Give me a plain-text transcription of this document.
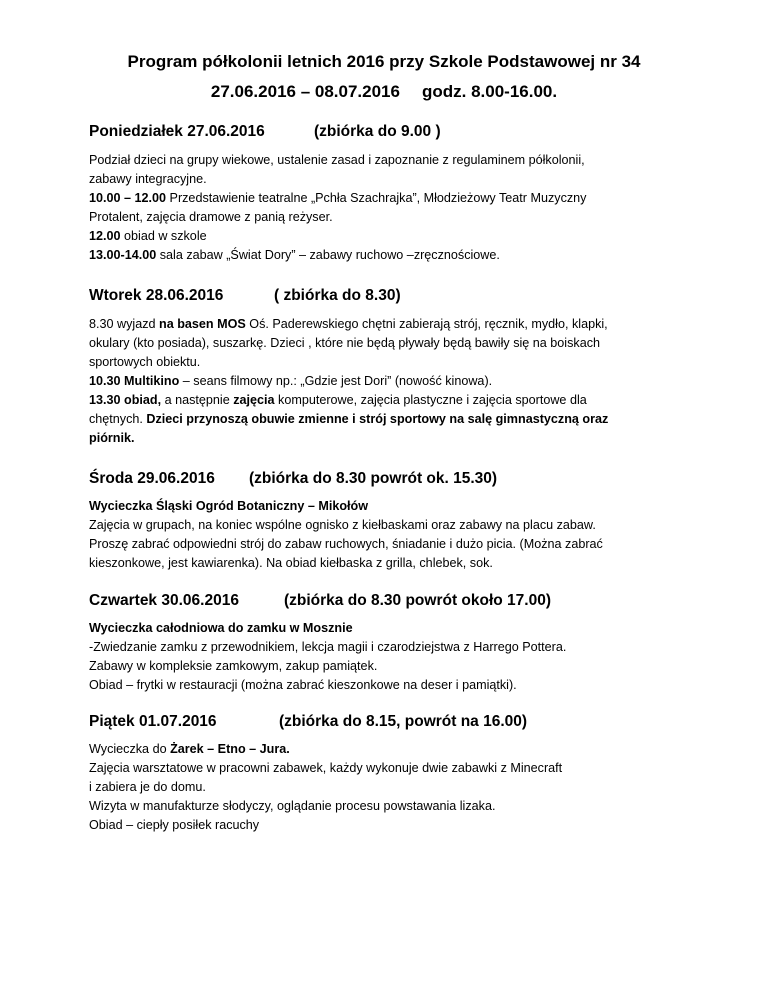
Program półkolonii letnich 2016 przy Szkole Podstawowej nr 34
27.06.2016 – 08.07.2016 godz. 8.00-16.00.
Poniedziałek 27.06.2016	(zbiórka do 9.00 )
Podział dzieci na grupy wiekowe, ustalenie zasad i zapoznanie z regulaminem półkolonii,
zabawy integracyjne.
10.00 – 12.00 Przedstawienie teatralne „Pchła Szachrajka”, Młodzieżowy Teatr Muzyczny
Protalent, zajęcia dramowe z panią reżyser.
12.00 obiad w szkole
13.00-14.00 sala zabaw „Świat Dory” – zabawy ruchowo –zręcznościowe.
Wtorek 28.06.2016	( zbiórka do 8.30)
8.30 wyjazd na basen MOS Oś. Paderewskiego chętni zabierają strój, ręcznik, mydło, klapki,
okulary (kto posiada), suszarkę. Dzieci , które nie będą pływały będą bawiły się na boiskach
sportowych obiektu.
10.30 Multikino – seans filmowy np.: „Gdzie jest Dori” (nowość kinowa).
13.30 obiad, a następnie zajęcia komputerowe, zajęcia plastyczne i zajęcia sportowe dla
chętnych. Dzieci przynoszą obuwie zmienne i strój sportowy na salę gimnastyczną oraz
piórnik.
Środa 29.06.2016 (zbiórka do 8.30 powrót ok. 15.30)
Wycieczka Śląski Ogród Botaniczny – Mikołów
Zajęcia w grupach, na koniec wspólne ognisko z kiełbaskami oraz zabawy na placu zabaw.
Proszę zabrać odpowiedni strój do zabaw ruchowych, śniadanie i dużo picia. (Można zabrać
kieszonkowe, jest kawiarenka). Na obiad kiełbaska z grilla, chlebek, sok.
Czwartek 30.06.2016	(zbiórka do 8.30 powrót około 17.00)
Wycieczka całodniowa do zamku w Mosznie
-Zwiedzanie zamku z przewodnikiem, lekcja magii i czarodziejstwa z Harrego Pottera.
Zabawy w kompleksie zamkowym, zakup pamiątek.
Obiad – frytki w restauracji (można zabrać kieszonkowe na deser i pamiątki).
Piątek 01.07.2016	(zbiórka do 8.15, powrót na 16.00)
Wycieczka do Żarek – Etno – Jura.
Zajęcia warsztatowe w pracowni zabawek, każdy wykonuje dwie zabawki z Minecraft
i zabiera je do domu.
Wizyta w manufakturze słodyczy, oglądanie procesu powstawania lizaka.
Obiad – ciepły posiłek racuchy
